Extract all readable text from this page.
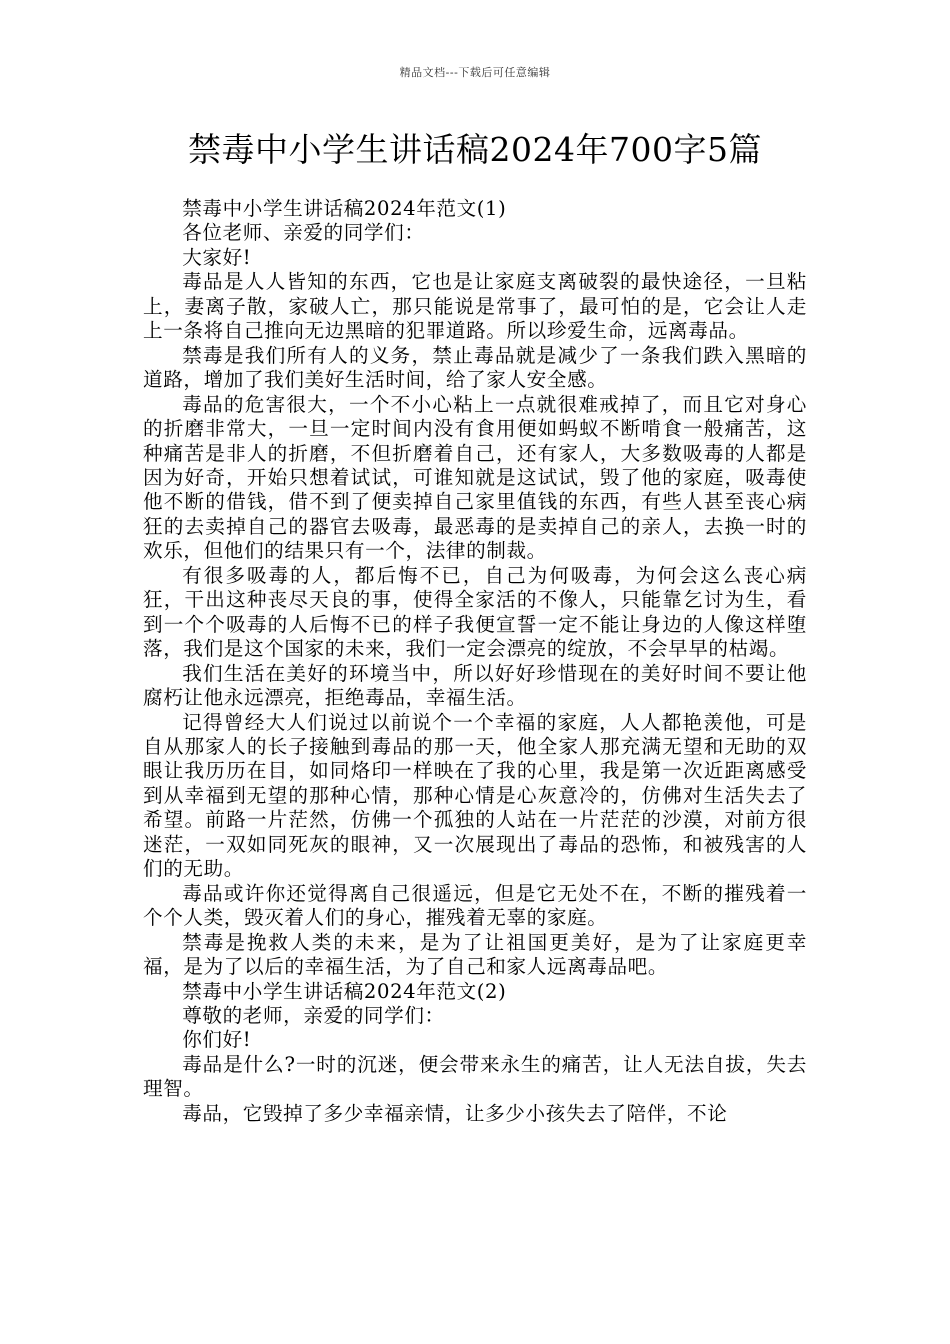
精品文档---下载后可任意编辑
禁毒中小学生讲话稿2024年700字5篇

禁毒中小学生讲话稿2024年范文(1)

各位老师、亲爱的同学们：

大家好!

毒品是人人皆知的东西，它也是让家庭支离破裂的最快途径，一旦粘上，妻离子散，家破人亡，那只能说是常事了，最可怕的是，它会让人走上一条将自己推向无边黑暗的犯罪道路。所以珍爱生命，远离毒品。

禁毒是我们所有人的义务，禁止毒品就是减少了一条我们跌入黑暗的道路，增加了我们美好生活时间，给了家人安全感。

毒品的危害很大，一个不小心粘上一点就很难戒掉了，而且它对身心的折磨非常大，一旦一定时间内没有食用便如蚂蚁不断啃食一般痛苦，这种痛苦是非人的折磨，不但折磨着自己，还有家人，大多数吸毒的人都是因为好奇，开始只想着试试，可谁知就是这试试，毁了他的家庭，吸毒使他不断的借钱，借不到了便卖掉自己家里值钱的东西，有些人甚至丧心病狂的去卖掉自己的器官去吸毒，最恶毒的是卖掉自己的亲人，去换一时的欢乐，但他们的结果只有一个，法律的制裁。

有很多吸毒的人，都后悔不已，自己为何吸毒，为何会这么丧心病狂，干出这种丧尽天良的事，使得全家活的不像人，只能靠乞讨为生，看到一个个吸毒的人后悔不已的样子我便宣誓一定不能让身边的人像这样堕落，我们是这个国家的未来，我们一定会漂亮的绽放，不会早早的枯竭。

我们生活在美好的环境当中，所以好好珍惜现在的美好时间不要让他腐朽让他永远漂亮，拒绝毒品，幸福生活。

记得曾经大人们说过以前说个一个幸福的家庭，人人都艳羡他，可是自从那家人的长子接触到毒品的那一天，他全家人那充满无望和无助的双眼让我历历在目，如同烙印一样映在了我的心里，我是第一次近距离感受到从幸福到无望的那种心情，那种心情是心灰意冷的，仿佛对生活失去了希望。前路一片茫然，仿佛一个孤独的人站在一片茫茫的沙漠，对前方很迷茫，一双如同死灰的眼神，又一次展现出了毒品的恐怖，和被残害的人们的无助。

毒品或许你还觉得离自己很遥远，但是它无处不在，不断的摧残着一个个人类，毁灭着人们的身心，摧残着无辜的家庭。

禁毒是挽救人类的未来，是为了让祖国更美好，是为了让家庭更幸福，是为了以后的幸福生活，为了自己和家人远离毒品吧。

禁毒中小学生讲话稿2024年范文(2)

尊敬的老师，亲爱的同学们：

你们好!

毒品是什么?一时的沉迷，便会带来永生的痛苦，让人无法自拔，失去理智。

毒品，它毁掉了多少幸福亲情，让多少小孩失去了陪伴，不论
